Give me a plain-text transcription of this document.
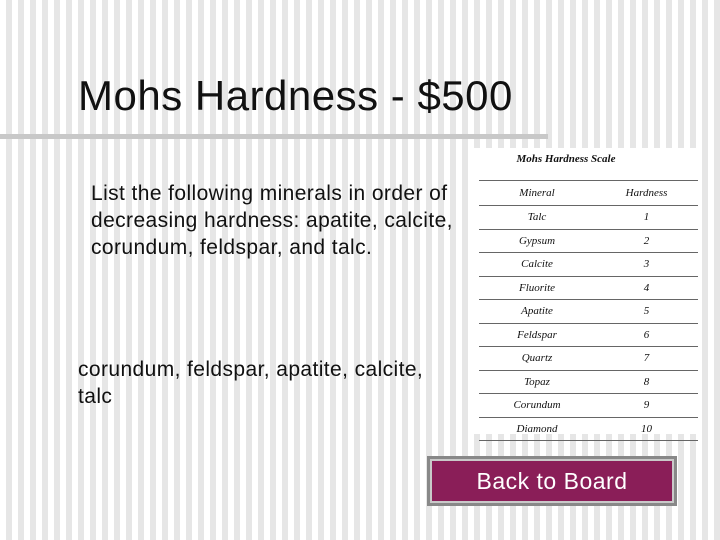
Mohs Hardness - $500
List the following minerals in order of decreasing hardness: apatite, calcite, corundum, feldspar, and talc.
Mohs Hardness Scale
Mineral	Hardness
Talc	1
Gypsum	2
Calcite	3
Fluorite	4
Apatite	5
Feldspar	6
Quartz	7
Topaz	8
Corundum	9
Diamond	10
corundum, feldspar, apatite, calcite, talc
Back to Board
